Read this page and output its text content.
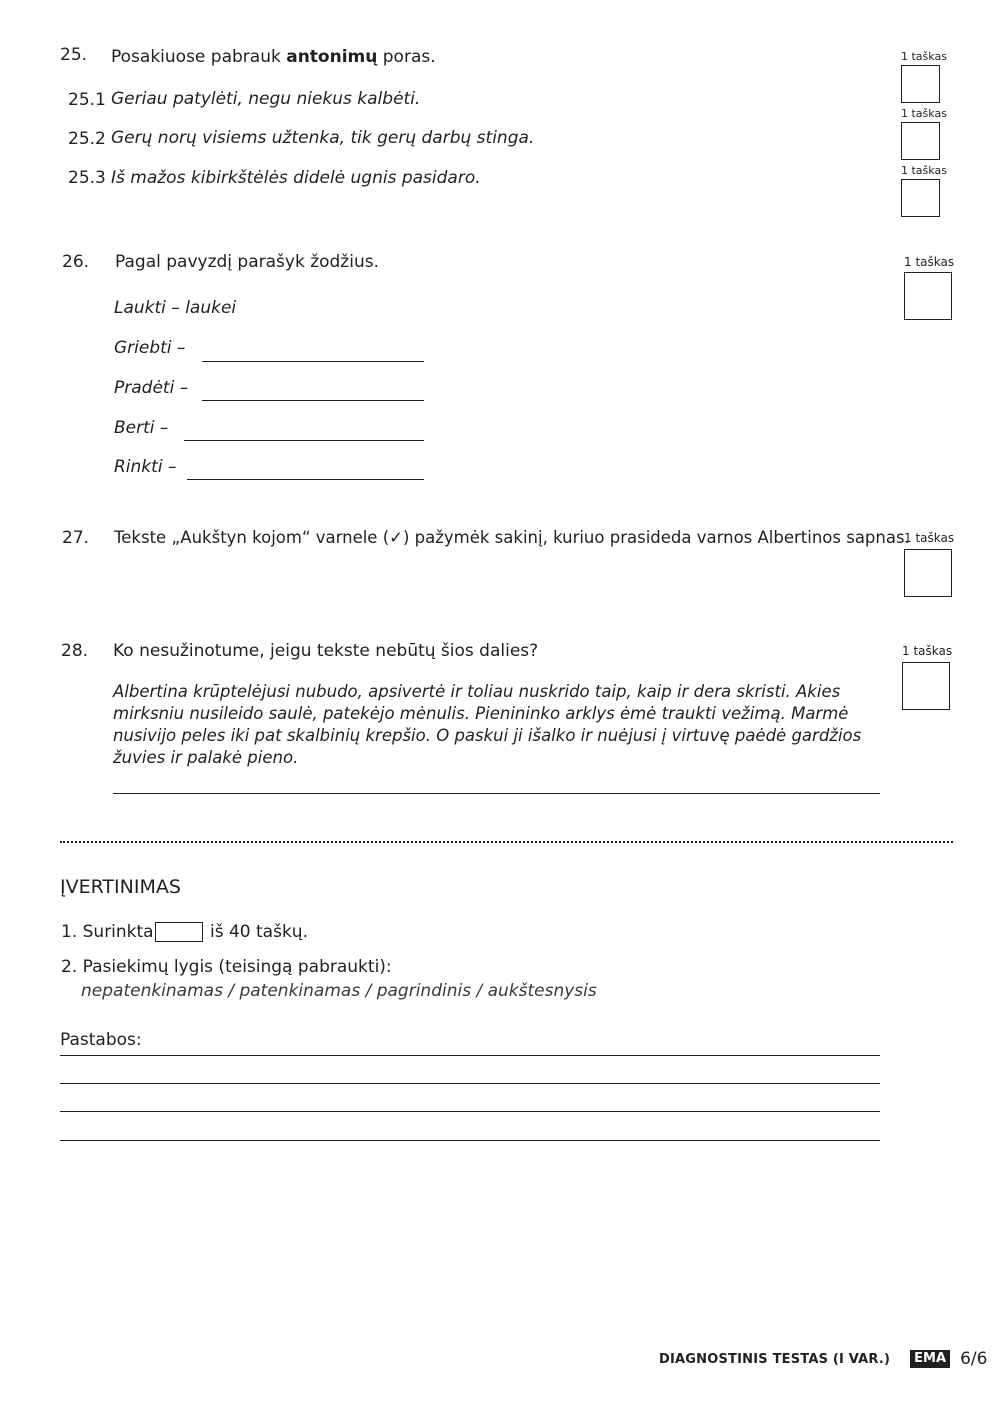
25. Posakiuose pabrauk antonimų poras.	1 taškas
1 taškas
1 taškas
25.1 Geriau patylėti, negu niekus kalbėti.
25.2 Gerų norų visiems užtenka, tik gerų darbų stinga.
25.3 Iš mažos kibirkštėlės didelė ugnis pasidaro.
26. Pagal pavyzdį parašyk žodžius.	1 taškas
Laukti – laukei
Griebti –
Pradėti –
Berti –
Rinkti –
27. Tekste „Aukštyn kojom“ varnele (✓) pažymėk sakinį, kuriuo prasideda varnos Albertinos sapnas.
1 taškas
28. Ko nesužinotume, jeigu tekste nebūtų šios dalies?	1 taškas
Albertina krūptelėjusi nubudo, apsivertė ir toliau nuskrido taip, kaip ir dera skristi. Akies mirksniu nusileido saulė, patekėjo mėnulis. Pienininko arklys ėmė traukti vežimą. Marmė nusivijo peles iki pat skalbinių krepšio. O paskui ji išalko ir nuėjusi į virtuvę paėdė gardžios žuvies ir palakė pieno.
ĮVERTINIMAS
1. Surinkta	iš 40 taškų.
2. Pasiekimų lygis (teisingą pabraukti):
nepatenkinamas / patenkinamas / pagrindinis / aukštesnysis
Pastabos:
DIAGNOSTINIS TESTAS (I VAR.)	EMA 6/6
